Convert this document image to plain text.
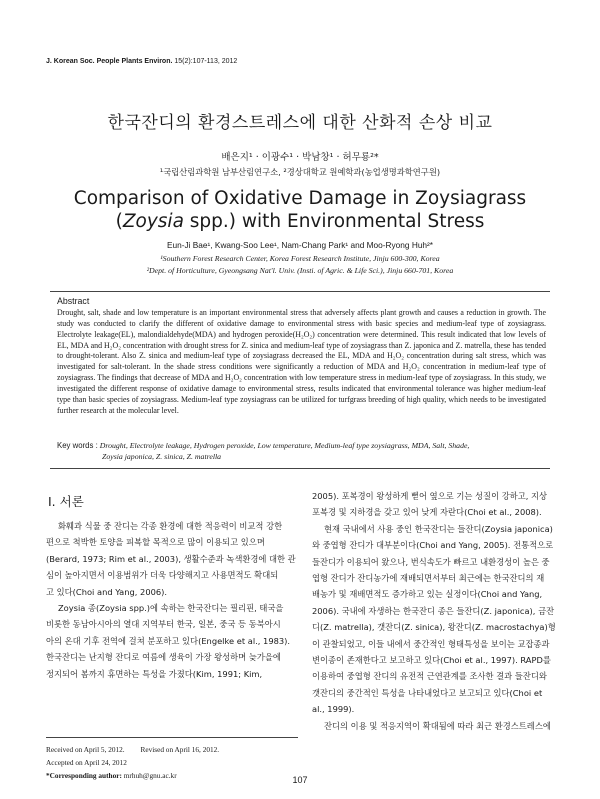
J. Korean Soc. People Plants Environ. 15(2):107-113, 2012
한국잔디의 환경스트레스에 대한 산화적 손상 비교
배은지¹ · 이광수¹ · 박남창¹ · 허무룡²*
¹국립산림과학원 남부산림연구소, ²경상대학교 원예학과(농업생명과학연구원)
Comparison of Oxidative Damage in Zoysiagrass
(Zoysia spp.) with Environmental Stress
Eun-Ji Bae¹, Kwang-Soo Lee¹, Nam-Chang Park¹ and Moo-Ryong Huh²*
¹Southern Forest Research Center, Korea Forest Research Institute, Jinju 600-300, Korea
²Dept. of Horticulture, Gyeongsang Nat'l. Univ. (Insti. of Agric. & Life Sci.), Jinju 660-701, Korea
Abstract
Drought, salt, shade and low temperature is an important environmental stress that adversely affects plant growth and causes a reduction in growth. The study was conducted to clarify the different of oxidative damage to environmental stress with basic species and medium-leaf type of zoysiagrass. Electrolyte leakage(EL), malondialdehyde(MDA) and hydrogen peroxide(H₂O₂) concentration were determined. This result indicated that low levels of EL, MDA and H₂O₂ concentration with drought stress for Z. sinica and medium-leaf type of zoysiagrass than Z. japonica and Z. matrella, these has tended to drought-tolerant. Also Z. sinica and medium-leaf type of zoysiagrass decreased the EL, MDA and H₂O₂ concentration during salt stress, which was investigated for salt-tolerant. In the shade stress conditions were significantly a reduction of MDA and H₂O₂ concentration in medium-leaf type of zoysiagrass. The findings that decrease of MDA and H₂O₂ concentration with low temperature stress in medium-leaf type of zoysiagrass. In this study, we investigated the different response of oxidative damage to environmental stress, results indicated that environmental tolerance was higher medium-leaf type than basic species of zoysiagrass. Medium-leaf type zoysiagrass can be utilized for turfgrass breeding of high quality, which needs to be investigated further research at the molecular level.
Key words : Drought, Electrolyte leakage, Hydrogen peroxide, Low temperature, Medium-leaf type zoysiagrass, MDA, Salt, Shade,
Zoysia japonica, Z. sinica, Z. matrella
Ⅰ. 서론

화훼과 식물 중 잔디는 각종 환경에 대한 적응력이 비교적 강한
편으로 척박한 토양을 피복할 목적으로 많이 이용되고 있으며
(Berard, 1973; Rim et al., 2003), 생활수준과 녹색환경에 대한 관
심이 높아지면서 이용범위가 더욱 다양해지고 사용면적도 확대되
고 있다(Choi and Yang, 2006).

Zoysia 종(Zoysia spp.)에 속하는 한국잔디는 필리핀, 태국을
비롯한 동남아시아의 열대 지역부터 한국, 일본, 중국 등 동북아시
아의 온대 기후 전역에 걸쳐 분포하고 있다(Engelke et al., 1983).
한국잔디는 난지형 잔디로 여름에 생육이 가장 왕성하며 늦가을에
정지되어 봄까지 휴면하는 특성을 가졌다(Kim, 1991; Kim,

2005). 포복경이 왕성하게 뻗어 옆으로 기는 성질이 강하고, 지상
포복경 및 지하경을 갖고 있어 낮게 자란다(Choi et al., 2008).

현재 국내에서 사용 중인 한국잔디는 들잔디(Zoysia japonica)
와 중엽형 잔디가 대부분이다(Choi and Yang, 2005). 전통적으로
들잔디가 이용되어 왔으나, 번식속도가 빠르고 내환경성이 높은 중
엽형 잔디가 잔디농가에 재배되면서부터 최근에는 한국잔디의 재
배농가 및 재배면적도 증가하고 있는 실정이다(Choi and Yang,
2006). 국내에 자생하는 한국잔디 종은 들잔디(Z. japonica), 금잔
디(Z. matrella), 갯잔디(Z. sinica), 왕잔디(Z. macrostachya)형
이 관찰되었고, 이들 내에서 중간적인 형태특성을 보이는 교잡종과
변이종이 존재한다고 보고하고 있다(Choi et al., 1997). RAPD를
이용하여 중엽형 잔디의 유전적 근연관계를 조사한 결과 들잔디와
갯잔디의 중간적인 특성을 나타내었다고 보고되고 있다(Choi et
al., 1999).

잔디의 이용 및 적응지역이 확대됨에 따라 최근 환경스트레스에

Received on April 5, 2012. Revised on April 16, 2012.
Accepted on April 24, 2012
*Corresponding author: mrhuh@gnu.ac.kr	107
